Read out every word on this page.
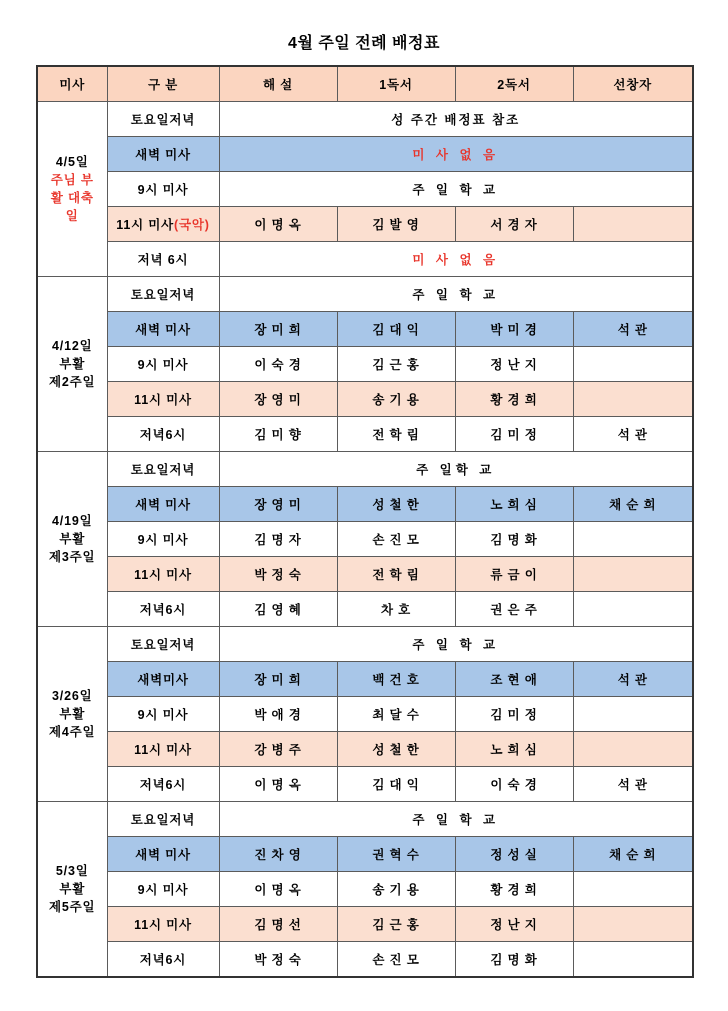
4월 주일 전례 배정표
미사	구 분	해 설	1독서	2독서	선창자

4/5일
주님 부
활 대축
일	토요일저녁	성 주간 배정표 참조			
	새벽 미사	미 사 없 음			
	9시 미사	주 일 학 교			
	11시 미사(국악)	이 명 옥	김 발 영	서 경 자	
	저녁 6시	미 사 없 음			

4/12일
부활
제2주일	토요일저녁	주 일 학 교			
	새벽 미사	장 미 희	김 대 익	박 미 경	석 관
	9시 미사	이 숙 경	김 근 홍	정 난 지	
	11시 미사	장 영 미	송 기 용	황 경 희	
	저녁6시	김 미 향	전 학 림	김 미 정	석 관

4/19일
부활
제3주일	토요일저녁	주 일학 교			
	새벽 미사	장 영 미	성 철 한	노 희 심	채 순 희
	9시 미사	김 명 자	손 진 모	김 명 화	
	11시 미사	박 정 숙	전 학 림	류 금 이	
	저녁6시	김 영 혜	차 호	권 은 주	

3/26일
부활
제4주일	토요일저녁	주 일 학 교			
	새벽미사	장 미 희	백 건 호	조 현 애	석 관
	9시 미사	박 애 경	최 달 수	김 미 정	
	11시 미사	강 병 주	성 철 한	노 희 심	
	저녁6시	이 명 옥	김 대 익	이 숙 경	석 관

5/3일
부활
제5주일	토요일저녁	주 일 학 교			
	새벽 미사	진 차 영	권 혁 수	정 성 실	채 순 희
	9시 미사	이 명 옥	송 기 용	황 경 희	
	11시 미사	김 명 선	김 근 홍	정 난 지	
	저녁6시	박 정 숙	손 진 모	김 명 화	
